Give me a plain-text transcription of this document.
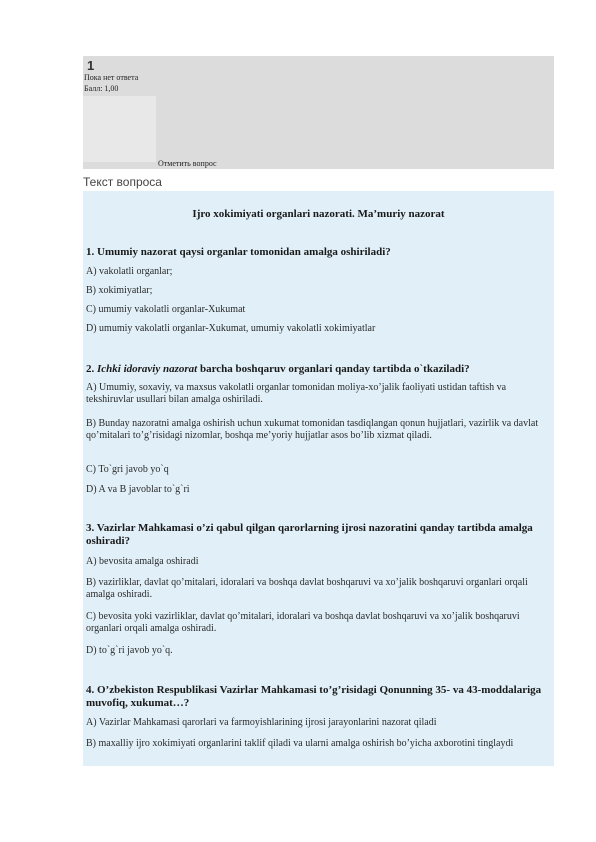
1
Пока нет ответа
Балл: 1,00
Отметить вопрос
Текст вопроса
Ijro xokimiyati organlari nazorati. Ma’muriy nazorat
1. Umumiy nazorat qaysi organlar tomonidan amalga oshiriladi?
A) vakolatli organlar;
B) xokimiyatlar;
C) umumiy vakolatli organlar-Xukumat
D) umumiy vakolatli organlar-Xukumat, umumiy vakolatli xokimiyatlar
2. Ichki idoraviy nazorat barcha boshqaruv organlari qanday tartibda o`tkaziladi?
A) Umumiy, soxaviy, va maxsus vakolatli organlar tomonidan moliya-xo’jalik faoliyati ustidan taftish va tekshiruvlar usullari bilan amalga oshiriladi.
B) Bunday nazoratni amalga oshirish uchun xukumat tomonidan tasdiqlangan qonun hujjatlari, vazirlik va davlat qo’mitalari to’g’risidagi nizomlar, boshqa me’yoriy hujjatlar asos bo’lib xizmat qiladi.
C) To`gri javob yo`q
D) A va B javoblar to`g`ri
3. Vazirlar Mahkamasi o’zi qabul qilgan qarorlarning ijrosi nazoratini qanday tartibda amalga oshiradi?
A) bevosita amalga oshiradi
B) vazirliklar, davlat qo’mitalari, idoralari va boshqa davlat boshqaruvi va xo’jalik boshqaruvi organlari orqali amalga oshiradi.
C) bevosita yoki vazirliklar, davlat qo’mitalari, idoralari va boshqa davlat boshqaruvi va xo’jalik boshqaruvi organlari orqali amalga oshiradi.
D) to`g`ri javob yo`q.
4. O’zbekiston Respublikasi Vazirlar Mahkamasi to’g’risidagi Qonunning 35- va 43-moddalariga muvofiq, xukumat…?
A) Vazirlar Mahkamasi qarorlari va farmoyishlarining ijrosi jarayonlarini nazorat qiladi
B) maxalliy ijro xokimiyati organlarini taklif qiladi va ularni amalga oshirish bo’yicha axborotini tinglaydi
